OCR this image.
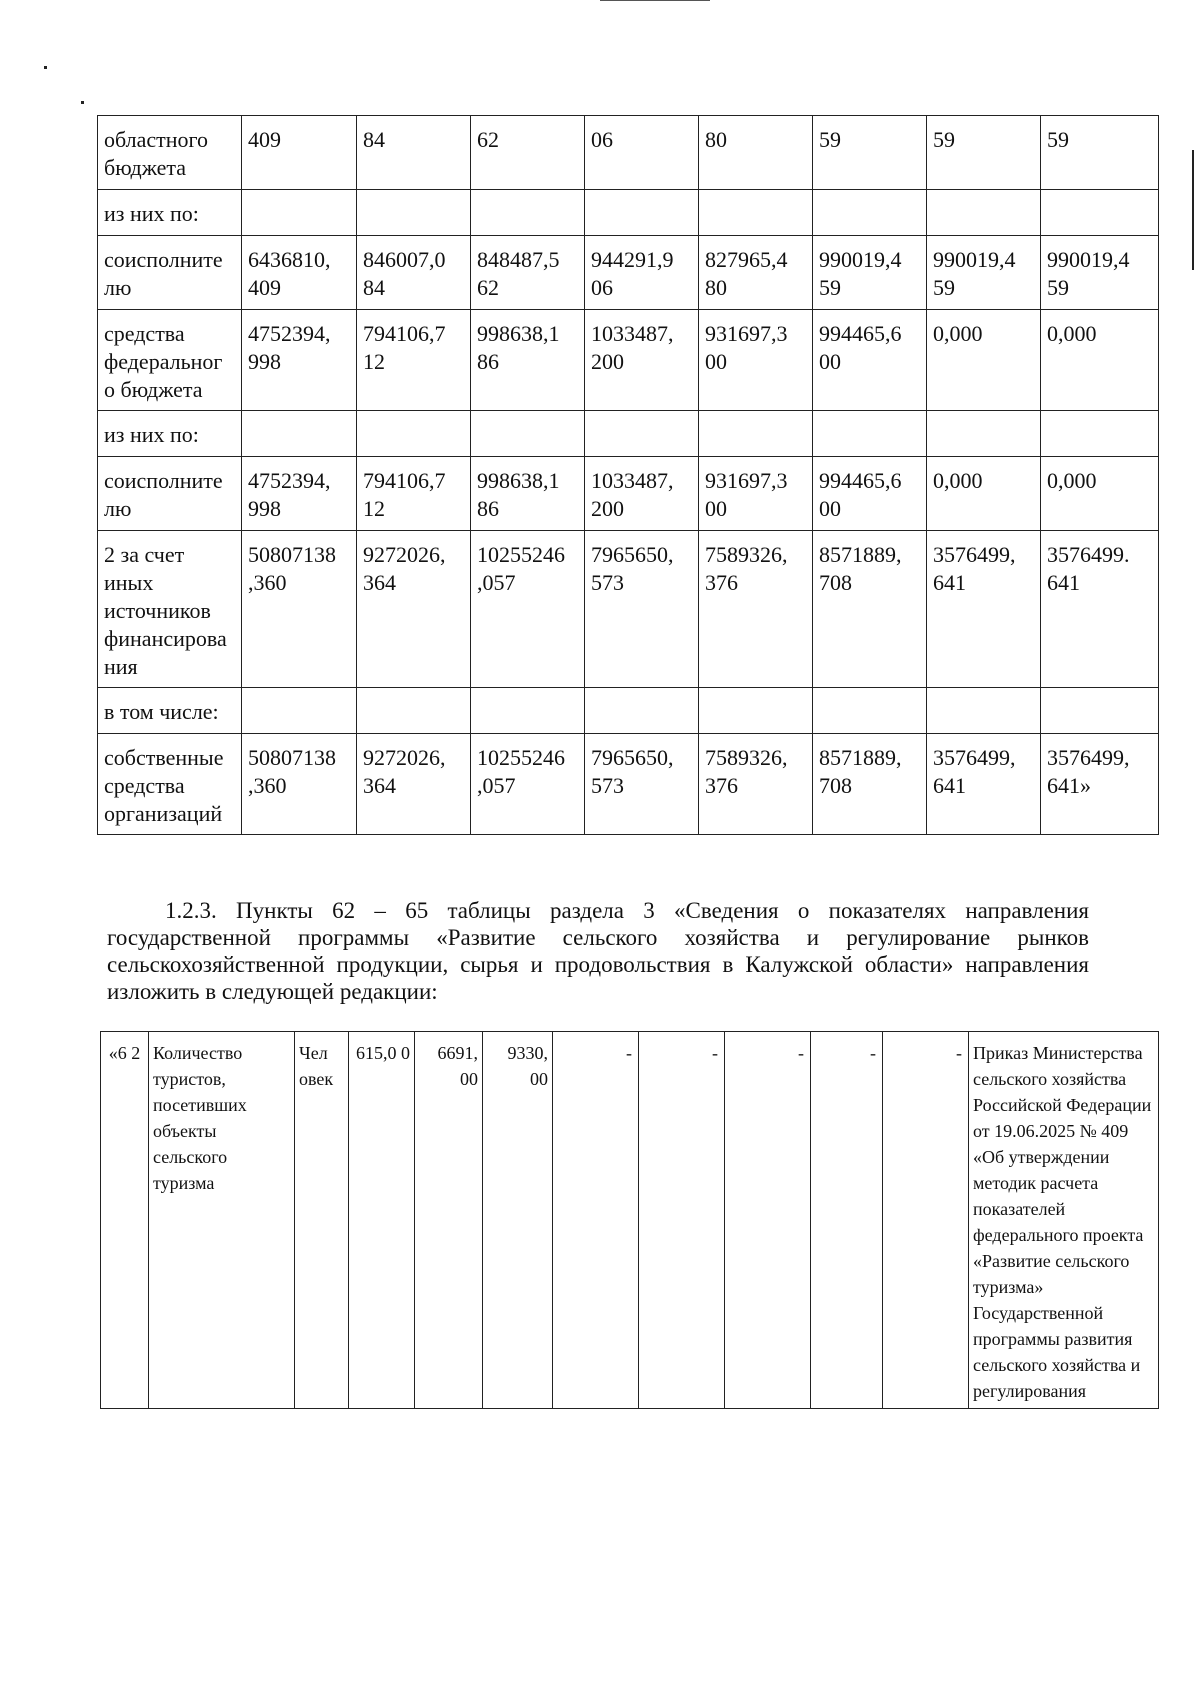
областного бюджета	409	84	62	06	80	59	59	59
из них по:								
соисполните лю	6436810, 409	846007,0 84	848487,5 62	944291,9 06	827965,4 80	990019,4 59	990019,4 59	990019,4 59
средства федеральног о бюджета	4752394, 998	794106,7 12	998638,1 86	1033487, 200	931697,3 00	994465,6 00	0,000	0,000
из них по:								
соисполните лю	4752394, 998	794106,7 12	998638,1 86	1033487, 200	931697,3 00	994465,6 00	0,000	0,000
2 за счет иных источников финансирова ния	50807138 ,360	9272026, 364	10255246 ,057	7965650, 573	7589326, 376	8571889, 708	3576499, 641	3576499. 641
в том числе:								
собственные средства организаций	50807138 ,360	9272026, 364	10255246 ,057	7965650, 573	7589326, 376	8571889, 708	3576499, 641	3576499, 641»

1.2.3. Пункты 62 – 65 таблицы раздела 3 «Сведения о показателях направления государственной программы «Развитие сельского хозяйства и регулирование рынков сельскохозяйственной продукции, сырья и продовольствия в Калужской области» направления изложить в следующей редакции:

«6 2	Количество туристов, посетивших объекты сельского туризма	Чел овек	615,0 0	6691, 00	9330, 00	-	-	-	-	-	Приказ Министерства сельского хозяйства Российской Федерации от 19.06.2025 № 409 «Об утверждении методик расчета показателей федерального проекта «Развитие сельского туризма» Государственной программы развития сельского хозяйства и регулирования
